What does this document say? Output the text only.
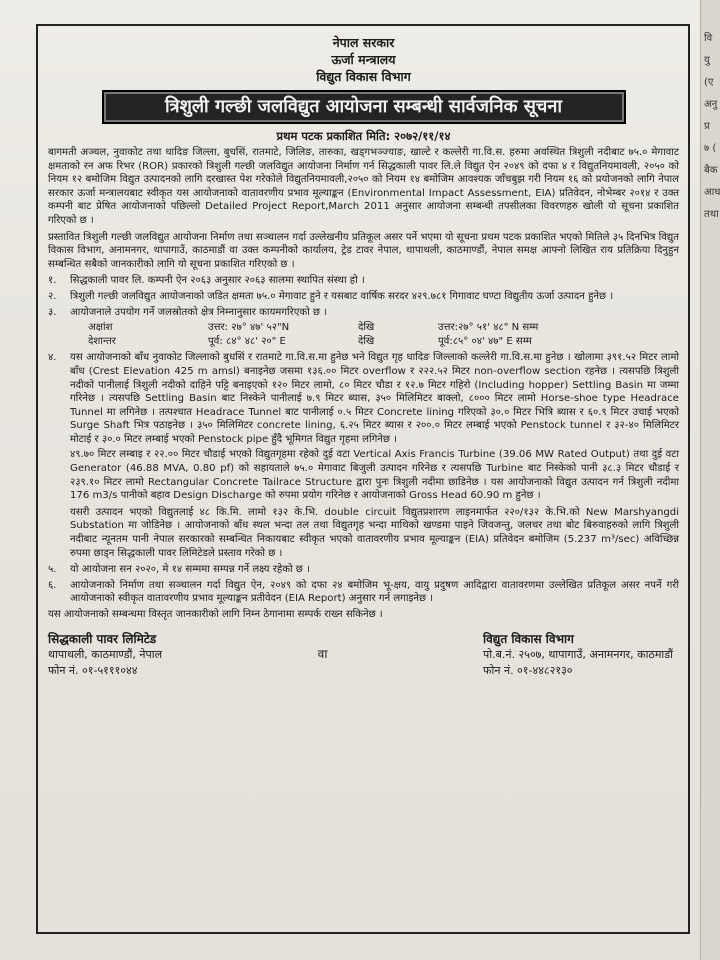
नेपाल सरकार
ऊर्जा मन्त्रालय
विद्युत विकास विभाग
त्रिशुली गल्छी जलविद्युत आयोजना सम्बन्धी सार्वजनिक सूचना
प्रथम पटक प्रकाशित मिति: २०७२/११/१४

बागमती अञ्चल, नुवाकोट तथा धादिङ जिल्ला, बुधसिं, रातमाटे, जिलिङ, तारुका, खड्गभञ्ज्याङ, खाल्टे र कल्लेरी गा.वि.स. हरुमा अवस्थित त्रिशुली नदीबाट ७५.० मेगावाट क्षमताको रन अफ रिभर (ROR) प्रकारको त्रिशुली गल्छी जलविद्युत आयोजना निर्माण गर्न सिद्धकाली पावर लि.ले विद्युत ऐन २०४९ को दफा ४ र विद्युतनियमावली, २०५० को नियम १२ बमोजिम विद्युत उत्पादनको लागि दरखास्त पेश गरेकोले विद्युतनियमावली,२०५० को नियम १४ बमोजिम आवश्यक जाँचबुझ गरी नियम १६ को प्रयोजनको लागि नेपाल सरकार ऊर्जा मन्त्रालयबाट स्वीकृत यस आयोजनाको वातावरणीय प्रभाव मूल्याङ्कन (Environmental Impact Assessment, EIA) प्रतिवेदन, नोभेम्बर २०१४ र उक्त कम्पनी बाट प्रेषित आयोजनाको पछिल्लो Detailed Project Report,March 2011 अनुसार आयोजना सम्बन्धी तपसीलका विवरणहरु खोली यो सूचना प्रकाशित गरिएको छ ।

प्रस्तावित त्रिशुली गल्छी जलविद्युत आयोजना निर्माण तथा सञ्चालन गर्दा उल्लेखनीय प्रतिकूल असर पर्ने भएमा यो सूचना प्रथम पटक प्रकाशित भएको मितिले ३५ दिनभित्र विद्युत विकास विभाग, अनामनगर, थापागाउँ, काठमाडौं वा उक्त कम्पनीको कार्यालय, ट्रेड टावर नेपाल, थापाथली, काठमाण्डौं, नेपाल समक्ष आफ्नो लिखित राय प्रतिक्रिया दिनुहुन सम्बन्धित सबैको जानकारीको लागि यो सूचना प्रकाशित गरिएको छ ।

१.	सिद्धकाली पावर लि. कम्पनी ऐन २०६३ अनुसार २०६३ सालमा स्थापित संस्था हो ।
२.	त्रिशुली गल्छी जलविद्युत आयोजनाको जडित क्षमता ७५.० मेगावाट हुने र यसबाट वार्षिक सरदर ४२९.७८१ गिगावाट घण्टा विद्युतीय ऊर्जा उत्पादन हुनेछ ।
३.	आयोजनाले उपयोग गर्ने जलस्रोतको क्षेत्र निम्नानुसार कायमगरिएको छ ।
अक्षांश	उत्तर: २७° ४७' ५२"N	देखि	उत्तर:२७° ५१' ४८" N सम्म
देशान्तर	पूर्व: ८४° ४८' २०" E	देखि	पूर्व:८५° ०४' ४७" E सम्म
४.	यस आयोजनाको बाँध नुवाकोट जिल्लाको बुधसिं र रातमाटे गा.वि.स.मा हुनेछ भने विद्युत गृह धादिङ जिल्लाको कल्लेरी गा.वि.स.मा हुनेछ । खोलामा ३९१.५२ मिटर लामो बाँध (Crest Elevation 425 m amsl) बनाइनेछ जसमा १३६.०० मिटर overflow र २२२.५२ मिटर non-overflow section रहनेछ । त्यसपछि त्रिशुली नदीको पानीलाई त्रिशुली नदीको दाहिने पट्टि बनाइएको १२० मिटर लामो, ८० मिटर चौडा र १२.७ मिटर गहिरो (Including hopper) Settling Basin मा जम्मा गरिनेछ । त्यसपछि Settling Basin बाट निस्केने पानीलाई ७.९ मिटर ब्यास, ३५० मिलिमिटर बाक्लो, ८००० मिटर लामो Horse-shoe type Headrace Tunnel मा लगिनेछ । तत्पश्चात Headrace Tunnel बाट पानीलाई ०.५ मिटर Concrete lining गरिएको ३०.० मिटर भित्रि ब्यास र ६०.९ मिटर उचाई भएको Surge Shaft भित्र पठाइनेछ । ३५० मिलिमिटर concrete lining, ६.२५ मिटर ब्यास र २००.० मिटर लम्बाई भएको Penstock tunnel र ३२-४० मिलिमिटर मोटाई र ३०.० मिटर लम्बाई भएको Penstock pipe हुँदै भूमिगत विद्युत गृहमा लगिनेछ ।

४९.७० मिटर लम्बाइ र २२.०० मिटर चौडाई भएको विद्युतगृहमा रहेको दुई वटा Vertical Axis Francis Turbine (39.06 MW Rated Output) तथा दुई वटा Generator (46.88 MVA, 0.80 pf) को सहायताले ७५.० मेगावाट बिजुली उत्पादन गरिनेछ र त्यसपछि Turbine बाट निस्केको पानी ३८.३ मिटर चौडाई र २३९.१० मिटर लामो Rectangular Concrete Tailrace Structure द्वारा पुनः त्रिशुली नदीमा छाडिनेछ । यस आयोजनाको विद्युत उत्पादन गर्न त्रिशुली नदीमा 176 m3/s पानीको बहाव Design Discharge को रुपमा प्रयोग गरिनेछ र आयोजनाको Gross Head 60.90 m हुनेछ ।

यसरी उत्पादन भएको विद्युतलाई ४८ कि.मि. लामो १३२ के.भि. double circuit विद्युतप्रशारण लाइनमार्फत २२०/१३२ के.भि.को New Marshyangdi Substation मा जोडिनेछ । आयोजनाको बाँध स्थल भन्दा तल तथा विद्युतगृह भन्दा माथिको खण्डमा पाइने जिवजन्तु, जलचर तथा बोट बिरुवाहरुको लागि त्रिशुली नदीबाट न्यूनतम पानी नेपाल सरकारको सम्बन्धित निकायबाट स्वीकृत भएको वातावरणीय प्रभाव मूल्याङ्कन (EIA) प्रतिवेदन बमोजिम (5.237 m³/sec) अविच्छिन्न रुपमा छाड्न सिद्धकाली पावर लिमिटेडले प्रस्ताव गरेको छ ।

५.	यो आयोजना सन २०२०, मे १४ सम्ममा सम्पन्न गर्ने लक्ष्य रहेको छ ।
६.	आयोजनाको निर्माण तथा सञ्चालन गर्दा विद्युत ऐन, २०४९ को दफा २४ बमोजिम भू-क्षय, वायु प्रदुषण आदिद्वारा वातावरणमा उल्लेखित प्रतिकूल असर नपर्ने गरी आयोजनाको स्वीकृत वातावरणीय प्रभाव मूल्याङ्कन प्रतीवेदन (EIA Report) अनुसार गर्न लगाइनेछ ।

यस आयोजनाको सम्बन्धमा विस्तृत जानकारीको लागि निम्न ठेगानामा सम्पर्क राख्न सकिनेछ ।

सिद्धकाली पावर लिमिटेड
थापाथली, काठमाण्डौं, नेपाल
फोन नं. ०१-५१११०४४
वा
विद्युत विकास विभाग
पो.ब.नं. २५०७, थापागाउँ, अनामनगर, काठमाडौं
फोन नं. ०१-४४८२१३०
वि
यु
(ए
अनु
प्र
७ (
बैक
आध
तथा
